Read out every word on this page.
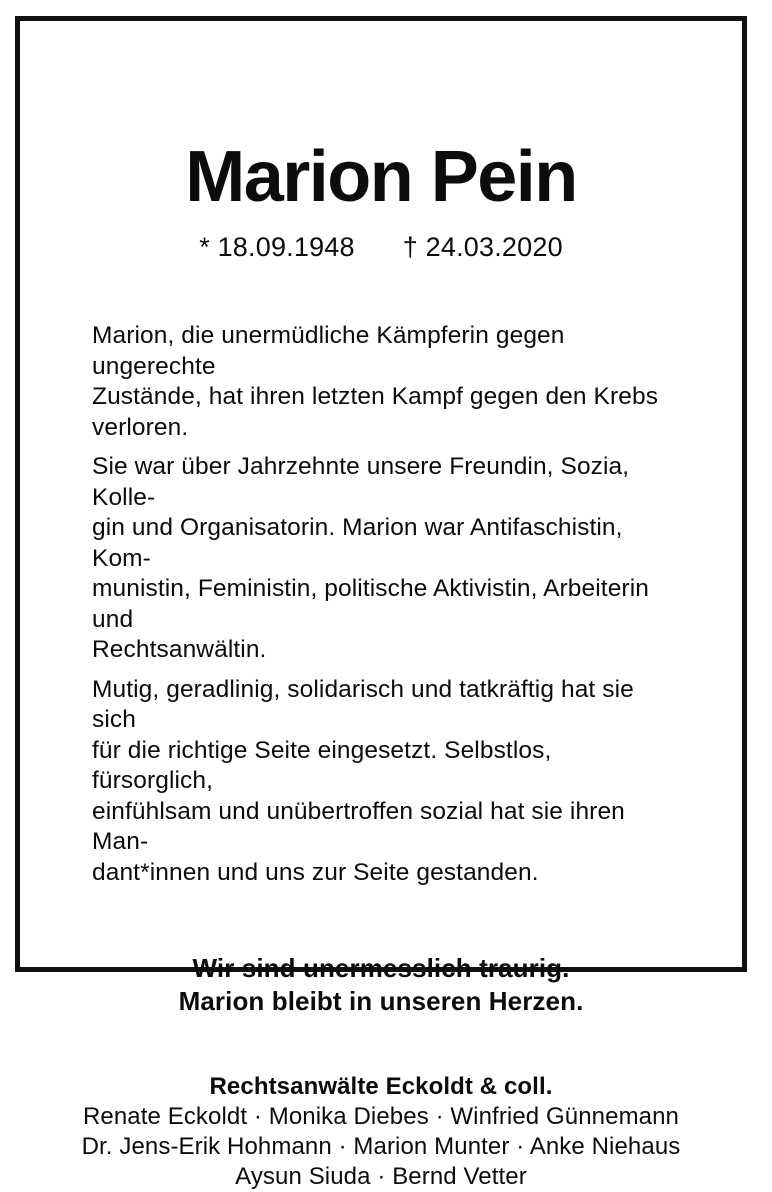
Marion Pein
* 18.09.1948 † 24.03.2020
Marion, die unermüdliche Kämpferin gegen ungerechte
Zustände, hat ihren letzten Kampf gegen den Krebs
verloren.
Sie war über Jahrzehnte unsere Freundin, Sozia, Kolle-
gin und Organisatorin. Marion war Antifaschistin, Kom-
munistin, Feministin, politische Aktivistin, Arbeiterin und
Rechtsanwältin.
Mutig, geradlinig, solidarisch und tatkräftig hat sie sich
für die richtige Seite eingesetzt. Selbstlos, fürsorglich,
einfühlsam und unübertroffen sozial hat sie ihren Man-
dant*innen und uns zur Seite gestanden.
Wir sind unermesslich traurig.
Marion bleibt in unseren Herzen.
Rechtsanwälte Eckoldt & coll.
Renate Eckoldt · Monika Diebes · Winfried Günnemann
Dr. Jens-Erik Hohmann · Marion Munter · Anke Niehaus
Aysun Siuda · Bernd Vetter
